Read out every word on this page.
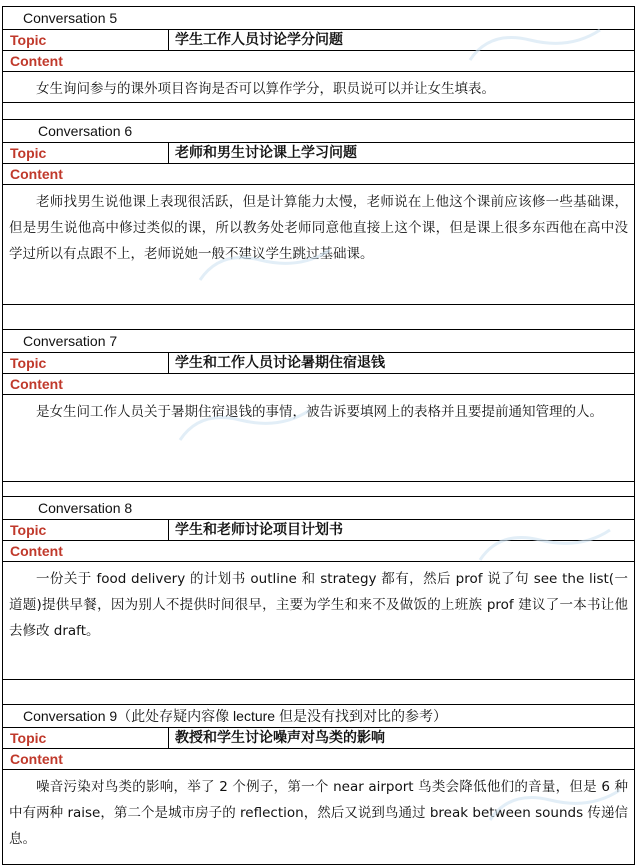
Conversation 5
Topic	学生工作人员讨论学分问题
Content
女生询问参与的课外项目咨询是否可以算作学分，职员说可以并让女生填表。
Conversation 6
Topic	老师和男生讨论课上学习问题
Content
老师找男生说他课上表现很活跃，但是计算能力太慢，老师说在上他这个课前应该修一些基础课，但是男生说他高中修过类似的课，所以教务处老师同意他直接上这个课，但是课上很多东西他在高中没学过所以有点跟不上，老师说她一般不建议学生跳过基础课。
Conversation 7
Topic	学生和工作人员讨论暑期住宿退钱
Content
是女生问工作人员关于暑期住宿退钱的事情，被告诉要填网上的表格并且要提前通知管理的人。
Conversation 8
Topic	学生和老师讨论项目计划书
Content
一份关于 food delivery 的计划书 outline 和 strategy 都有，然后 prof 说了句 see the list(一道题)提供早餐，因为别人不提供时间很早，主要为学生和来不及做饭的上班族 prof 建议了一本书让他去修改 draft。
Conversation 9（此处存疑内容像 lecture 但是没有找到对比的参考）
Topic	教授和学生讨论噪声对鸟类的影响
Content
噪音污染对鸟类的影响，举了 2 个例子，第一个 near airport 鸟类会降低他们的音量，但是 6 种中有两种 raise，第二个是城市房子的 reflection，然后又说到鸟通过 break between sounds 传递信息。
